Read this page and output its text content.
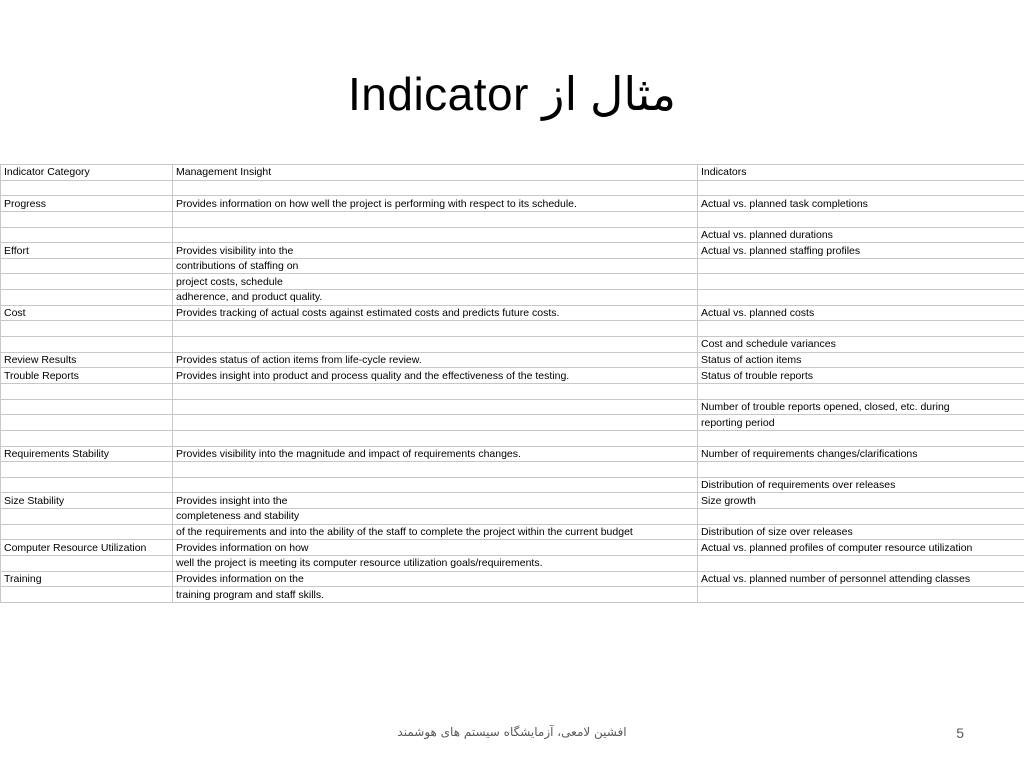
Indicator مثال از
Indicator Category	Management Insight	Indicators

Progress	Provides information on how well the project is performing with respect to its schedule.	Actual vs. planned task completions

		Actual vs. planned durations
Effort	Provides visibility into the	Actual vs. planned staffing profiles
	contributions of staffing on	
	project costs, schedule	
	adherence, and product quality.	
Cost	Provides tracking of actual costs against estimated costs and predicts future costs.	Actual vs. planned costs

		Cost and schedule variances
Review Results	Provides status of action items from life-cycle review.	Status of action items
Trouble Reports	Provides insight into product and process quality and the effectiveness of the testing.	Status of trouble reports

		Number of trouble reports opened, closed, etc. during
		reporting period

Requirements Stability	Provides visibility into the magnitude and impact of requirements changes.	Number of requirements changes/clarifications

		Distribution of requirements over releases
Size Stability	Provides insight into the	Size growth
	completeness and stability	
	of the requirements and into the ability of the staff to complete the project within the current budget	Distribution of size over releases
Computer Resource Utilization	Provides information on how	Actual vs. planned profiles of computer resource utilization
	well the project is meeting its computer resource utilization goals/requirements.	
Training	Provides information on the	Actual vs. planned number of personnel attending classes
	training program and staff skills.	
افشین لامعی، آزمایشگاه سیستم های هوشمند	5
